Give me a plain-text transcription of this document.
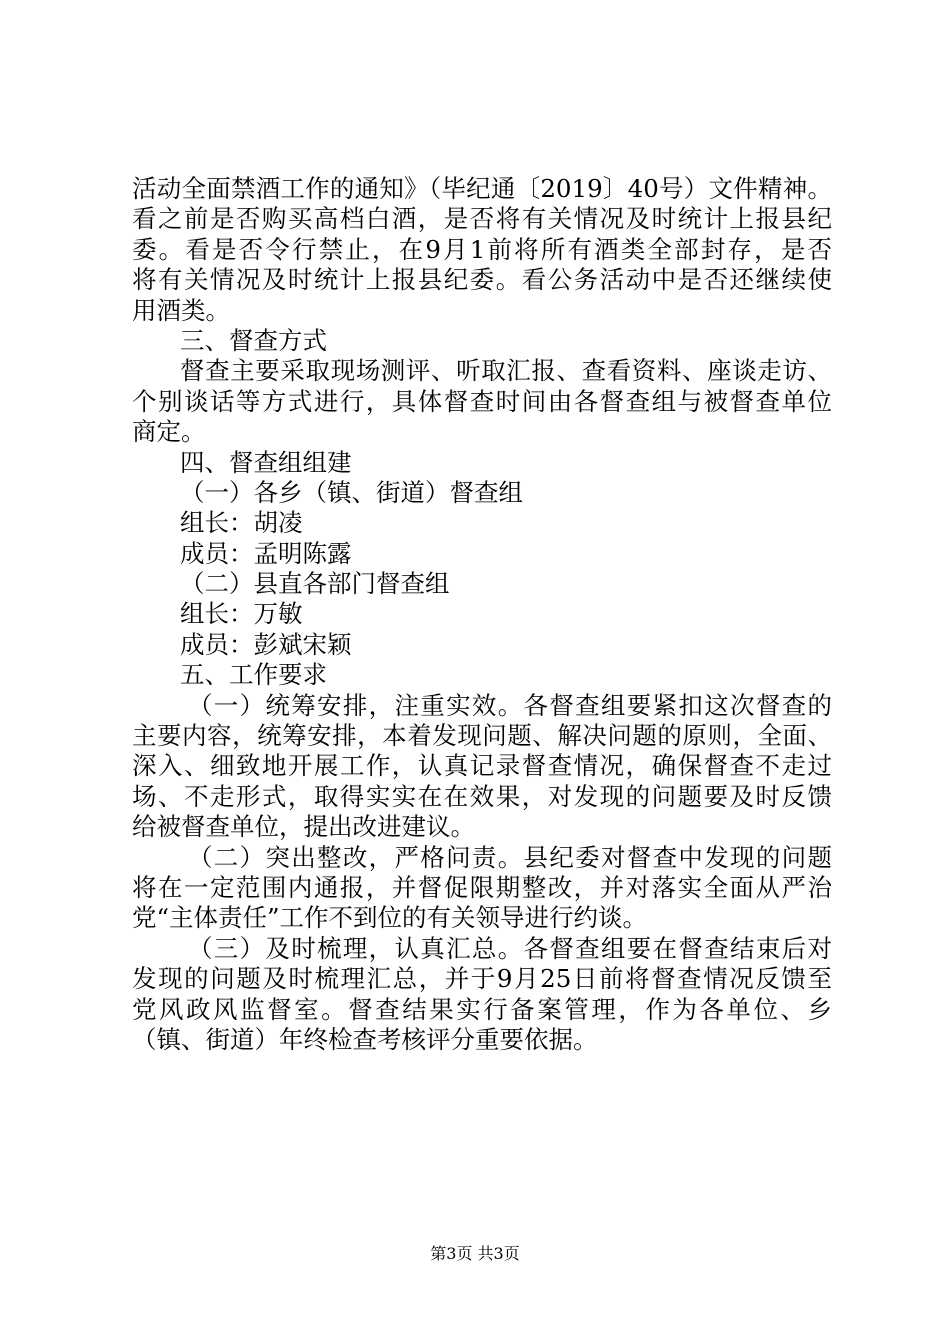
活动全面禁酒工作的通知》（毕纪通〔2019〕40号）文件精神。
看之前是否购买高档白酒，是否将有关情况及时统计上报县纪
委。看是否令行禁止，在9月1前将所有酒类全部封存，是否
将有关情况及时统计上报县纪委。看公务活动中是否还继续使
用酒类。
三、督查方式
督查主要采取现场测评、听取汇报、查看资料、座谈走访、
个别谈话等方式进行，具体督查时间由各督查组与被督查单位
商定。
四、督查组组建
（一）各乡（镇、街道）督查组
组长：胡凌
成员：孟明陈露
（二）县直各部门督查组
组长：万敏
成员：彭斌宋颖
五、工作要求
（一）统筹安排，注重实效。各督查组要紧扣这次督查的
主要内容，统筹安排，本着发现问题、解决问题的原则，全面、
深入、细致地开展工作，认真记录督查情况，确保督查不走过
场、不走形式，取得实实在在效果，对发现的问题要及时反馈
给被督查单位，提出改进建议。
（二）突出整改，严格问责。县纪委对督查中发现的问题
将在一定范围内通报，并督促限期整改，并对落实全面从严治
党“主体责任”工作不到位的有关领导进行约谈。
（三）及时梳理，认真汇总。各督查组要在督查结束后对
发现的问题及时梳理汇总，并于9月25日前将督查情况反馈至
党风政风监督室。督查结果实行备案管理，作为各单位、乡
（镇、街道）年终检查考核评分重要依据。
第3页 共3页
